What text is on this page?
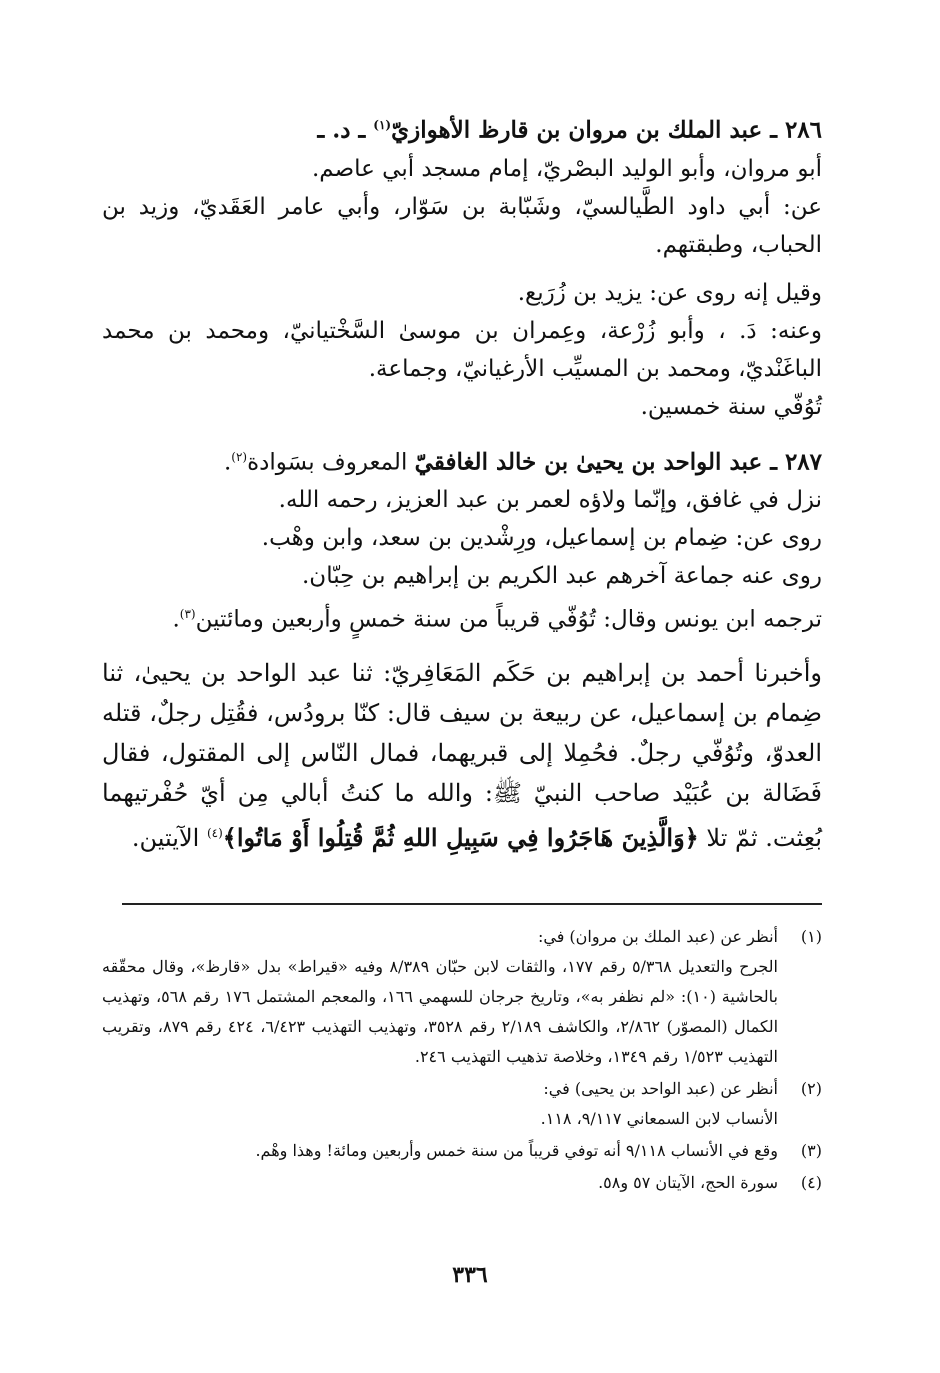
٢٨٦ ـ عبد الملك بن مروان بن قارظ الأهوازيّ$^{(١)}$ ـ د. ـ

أبو مروان، وأبو الوليد البصْريّ، إمام مسجد أبي عاصم.

عن: أبي داود الطَّيالسيّ، وشَبّابة بن سَوّار، وأبي عامر العَقَديّ، وزيد بن الحباب، وطبقتهم.

وقيل إنه روى عن: يزيد بن زُرَيع.

وعنه: دَ. ، وأبو زُرْعة، وعِمران بن موسىٰ السَّخْتيانيّ، ومحمد بن محمد الباغَنْديّ، ومحمد بن المسيِّب الأرغيانيّ، وجماعة.

تُوُفّي سنة خمسين.

٢٨٧ ـ عبد الواحد بن يحيىٰ بن خالد الغافقيّ المعروف بسَوادة$^{(٢)}$.

نزل في غافق، وإنّما ولاؤه لعمر بن عبد العزيز، رحمه الله.

روى عن: ضِمام بن إسماعيل، ورِشْدين بن سعد، وابن وهْب.

روى عنه جماعة آخرهم عبد الكريم بن إبراهيم بن حِبّان.

ترجمه ابن يونس وقال: تُوُفّي قريباً من سنة خمسٍ وأربعين ومائتين$^{(٣)}$.

وأخبرنا أحمد بن إبراهيم بن حَكَم المَعَافِريّ: ثنا عبد الواحد بن يحيىٰ، ثنا ضِمام بن إسماعيل، عن ربيعة بن سيف قال: كنّا برودُس، فقُتِل رجلٌ، قتله العدوّ، وتُوُفّي رجلٌ. فحُمِلا إلى قبريهما، فمال النّاس إلى المقتول، فقال فَضَالة بن عُبَيْد صاحب النبيّ ﷺ: والله ما كنتُ أبالي مِن أيّ حُفْرتيهما بُعِثت. ثمّ تلا ﴿وَالَّذِينَ هَاجَرُوا فِي سَبِيلِ اللهِ ثُمَّ قُتِلُوا أَوْ مَاتُوا﴾$^{(٤)}$ الآيتين.

(١)
أنظر عن (عبد الملك بن مروان) في:
الجرح والتعديل ٥/٣٦٨ رقم ١٧٧، والثقات لابن حبّان ٨/٣٨٩ وفيه «قيراط» بدل «قارظ»، وقال محقّقه بالحاشية (١٠): «لم نظفر به»، وتاريخ جرجان للسهمي ١٦٦، والمعجم المشتمل ١٧٦ رقم ٥٦٨، وتهذيب الكمال (المصوّر) ٢/٨٦٢، والكاشف ٢/١٨٩ رقم ٣٥٢٨، وتهذيب التهذيب ٦/٤٢٣، ٤٢٤ رقم ٨٧٩، وتقريب التهذيب ١/٥٢٣ رقم ١٣٤٩، وخلاصة تذهيب التهذيب ٢٤٦.
(٢)
أنظر عن (عبد الواحد بن يحيى) في:
الأنساب لابن السمعاني ٩/١١٧، ١١٨.
(٣)
وقع في الأنساب ٩/١١٨ أنه توفي قريباً من سنة خمس وأربعين ومائة! وهذا وهْم.
(٤)
سورة الحج، الآيتان ٥٧ و٥٨.
٣٣٦
